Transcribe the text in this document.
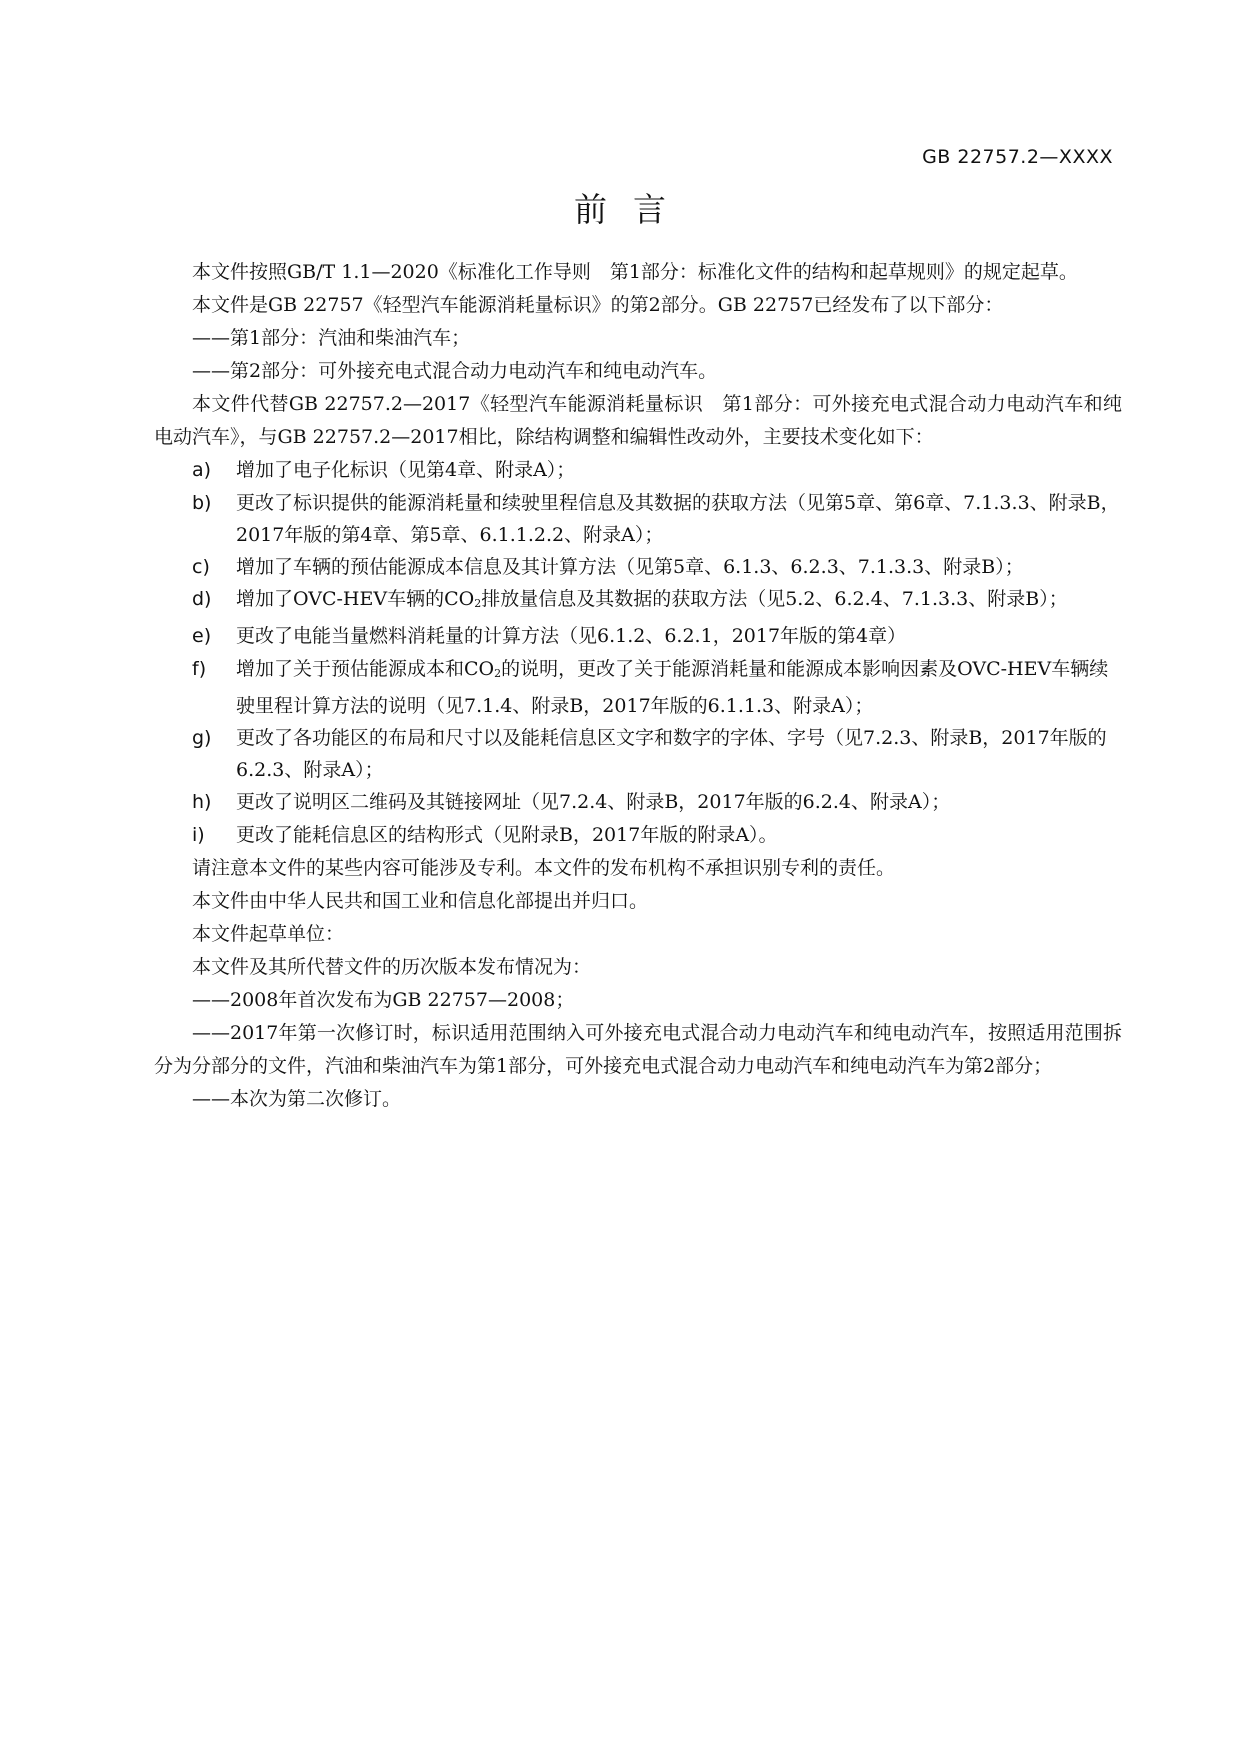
GB 22757.2—XXXX
前言

本文件按照GB/T 1.1—2020《标准化工作导则　第1部分：标准化文件的结构和起草规则》的规定起草。

本文件是GB 22757《轻型汽车能源消耗量标识》的第2部分。GB 22757已经发布了以下部分：

——第1部分：汽油和柴油汽车；

——第2部分：可外接充电式混合动力电动汽车和纯电动汽车。

本文件代替GB 22757.2—2017《轻型汽车能源消耗量标识　第1部分：可外接充电式混合动力电动汽车和纯电动汽车》，与GB 22757.2—2017相比，除结构调整和编辑性改动外，主要技术变化如下：

a) 增加了电子化标识（见第4章、附录A）；
b) 更改了标识提供的能源消耗量和续驶里程信息及其数据的获取方法（见第5章、第6章、7.1.3.3、附录B，2017年版的第4章、第5章、6.1.1.2.2、附录A）；
c) 增加了车辆的预估能源成本信息及其计算方法（见第5章、6.1.3、6.2.3、7.1.3.3、附录B）；
d) 增加了OVC-HEV车辆的$CO_2$排放量信息及其数据的获取方法（见5.2、6.2.4、7.1.3.3、附录B）；
e) 更改了电能当量燃料消耗量的计算方法（见6.1.2、6.2.1，2017年版的第4章）
f) 增加了关于预估能源成本和$CO_2$的说明，更改了关于能源消耗量和能源成本影响因素及OVC-HEV车辆续驶里程计算方法的说明（见7.1.4、附录B，2017年版的6.1.1.3、附录A）；
g) 更改了各功能区的布局和尺寸以及能耗信息区文字和数字的字体、字号（见7.2.3、附录B，2017年版的6.2.3、附录A）；
h) 更改了说明区二维码及其链接网址（见7.2.4、附录B，2017年版的6.2.4、附录A）；
i) 更改了能耗信息区的结构形式（见附录B，2017年版的附录A）。

请注意本文件的某些内容可能涉及专利。本文件的发布机构不承担识别专利的责任。

本文件由中华人民共和国工业和信息化部提出并归口。

本文件起草单位：

本文件及其所代替文件的历次版本发布情况为：

——2008年首次发布为GB 22757—2008；

——2017年第一次修订时，标识适用范围纳入可外接充电式混合动力电动汽车和纯电动汽车，按照适用范围拆分为分部分的文件，汽油和柴油汽车为第1部分，可外接充电式混合动力电动汽车和纯电动汽车为第2部分；

——本次为第二次修订。
